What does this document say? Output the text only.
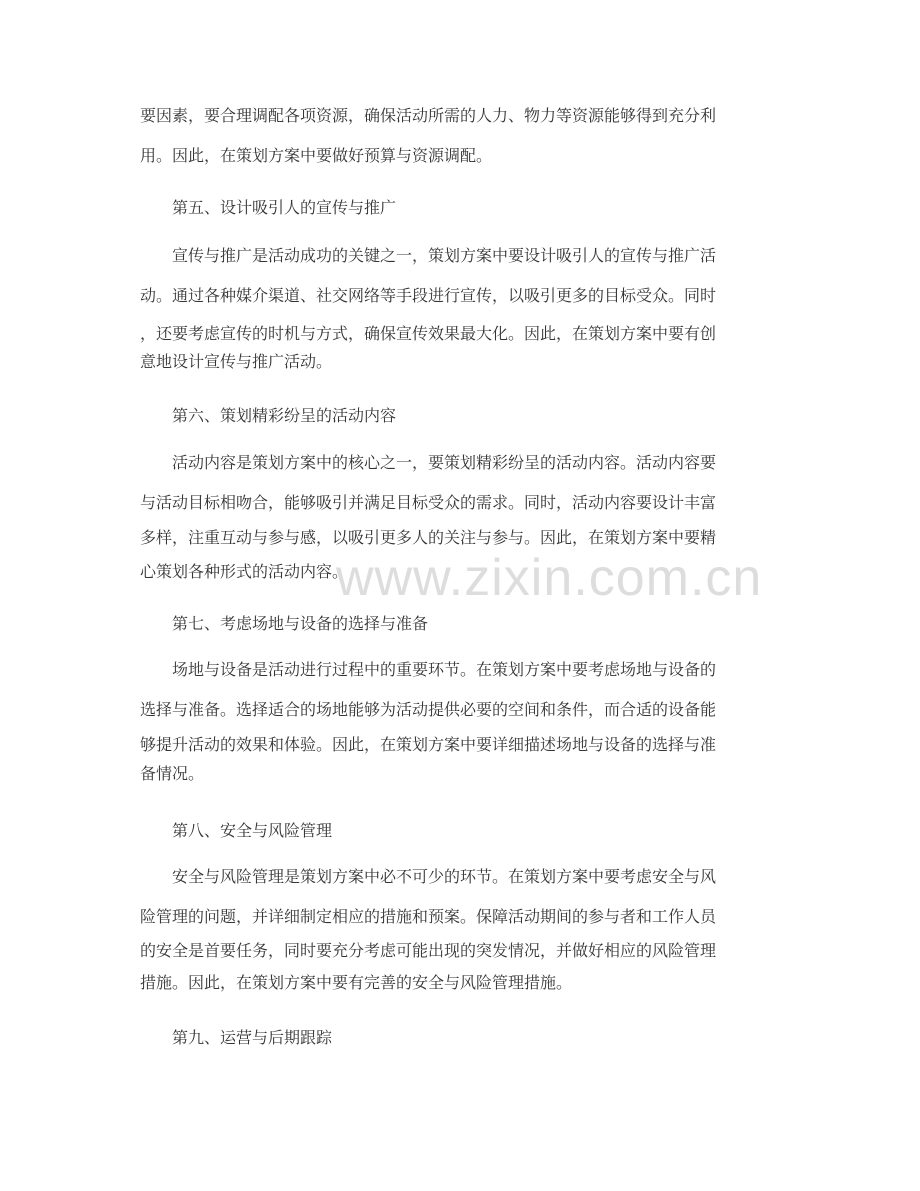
要因素，要合理调配各项资源，确保活动所需的人力、物力等资源能够得到充分利
用。因此，在策划方案中要做好预算与资源调配。
第五、设计吸引人的宣传与推广
宣传与推广是活动成功的关键之一，策划方案中要设计吸引人的宣传与推广活
动。通过各种媒介渠道、社交网络等手段进行宣传，以吸引更多的目标受众。同时
，还要考虑宣传的时机与方式，确保宣传效果最大化。因此，在策划方案中要有创
意地设计宣传与推广活动。
第六、策划精彩纷呈的活动内容
活动内容是策划方案中的核心之一，要策划精彩纷呈的活动内容。活动内容要
与活动目标相吻合，能够吸引并满足目标受众的需求。同时，活动内容要设计丰富
多样，注重互动与参与感，以吸引更多人的关注与参与。因此，在策划方案中要精
心策划各种形式的活动内容。
第七、考虑场地与设备的选择与准备
场地与设备是活动进行过程中的重要环节。在策划方案中要考虑场地与设备的
选择与准备。选择适合的场地能够为活动提供必要的空间和条件，而合适的设备能
够提升活动的效果和体验。因此，在策划方案中要详细描述场地与设备的选择与准
备情况。
第八、安全与风险管理
安全与风险管理是策划方案中必不可少的环节。在策划方案中要考虑安全与风
险管理的问题，并详细制定相应的措施和预案。保障活动期间的参与者和工作人员
的安全是首要任务，同时要充分考虑可能出现的突发情况，并做好相应的风险管理
措施。因此，在策划方案中要有完善的安全与风险管理措施。
第九、运营与后期跟踪
www.zixin.com.cn
